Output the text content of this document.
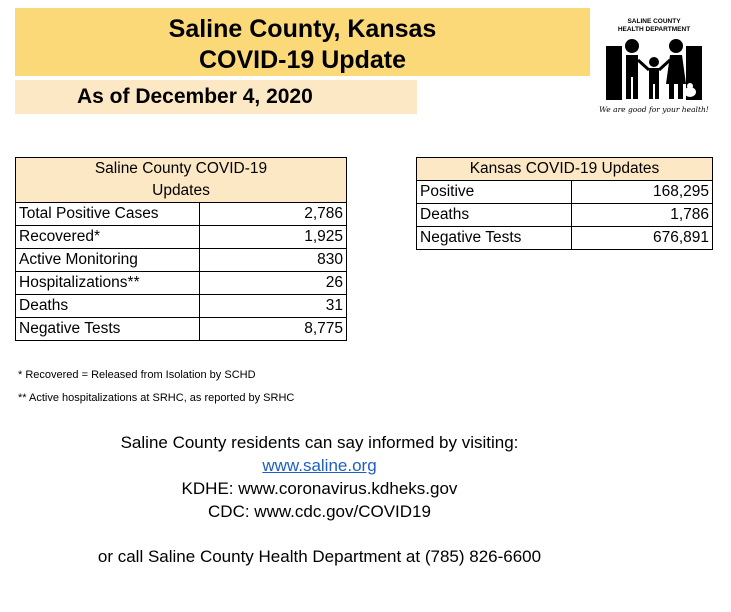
Saline County, Kansas
COVID-19 Update
As of December 4, 2020
SALINE COUNTY
HEALTH DEPARTMENT
We are good for your health!
Saline County COVID-19
Updates	

Total Positive Cases	2,786
Recovered*	1,925
Active Monitoring	830
Hospitalizations**	26
Deaths	31
Negative Tests	8,775
Kansas COVID-19 Updates	
Positive	168,295
Deaths	1,786
Negative Tests	676,891
* Recovered = Released from Isolation by SCHD
** Active hospitalizations at SRHC, as reported by SRHC
Saline County residents can say informed by visiting:
www.saline.org
KDHE: www.coronavirus.kdheks.gov
CDC: www.cdc.gov/COVID19
or call Saline County Health Department at (785) 826-6600
